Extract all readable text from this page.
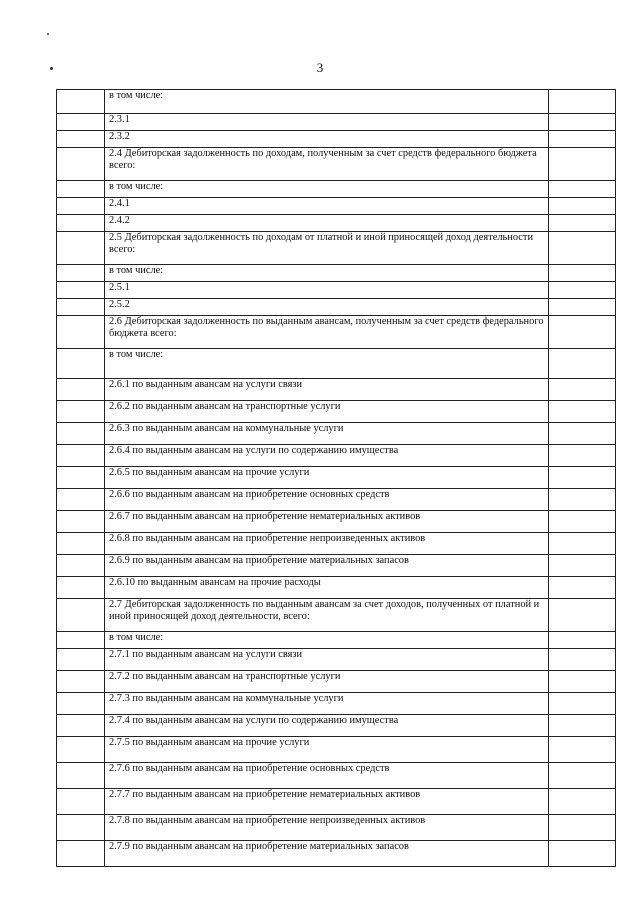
3
	в том числе:	
	2.3.1	
	2.3.2	
	2.4 Дебиторская задолженность по доходам, полученным за счет средств федерального бюджета всего:	
	в том числе:	
	2.4.1	
	2.4.2	
	2.5 Дебиторская задолженность по доходам от платной и иной приносящей доход деятельности всего:	
	в том числе:	
	2.5.1	
	2.5.2	
	2.6 Дебиторская задолженность по выданным авансам, полученным за счет средств федерального бюджета всего:	
	в том числе:	
	2.6.1 по выданным авансам на услуги связи	
	2.6.2 по выданным авансам на транспортные услуги	
	2.6.3 по выданным авансам на коммунальные услуги	
	2.6.4 по выданным авансам на услуги по содержанию имущества	
	2.6.5 по выданным авансам на прочие услуги	
	2.6.6 по выданным авансам на приобретение основных средств	
	2.6.7 по выданным авансам на приобретение нематериальных активов	
	2.6.8 по выданным авансам на приобретение непроизведенных активов	
	2.6.9 по выданным авансам на приобретение материальных запасов	
	2.6.10 по выданным авансам на прочие расходы	
	2.7 Дебиторская задолженность по выданным авансам за счет доходов, полученных от платной и иной приносящей доход деятельности, всего:	
	в том числе:	
	2.7.1 по выданным авансам на услуги связи	
	2.7.2 по выданным авансам на транспортные услуги	
	2.7.3 по выданным авансам на коммунальные услуги	
	2.7.4 по выданным авансам на услуги по содержанию имущества	
	2.7.5 по выданным авансам на прочие услуги	
	2.7.6 по выданным авансам на приобретение основных средств	
	2.7.7 по выданным авансам на приобретение нематериальных активов	
	2.7.8 по выданным авансам на приобретение непроизведенных активов	
	2.7.9 по выданным авансам на приобретение материальных запасов	
